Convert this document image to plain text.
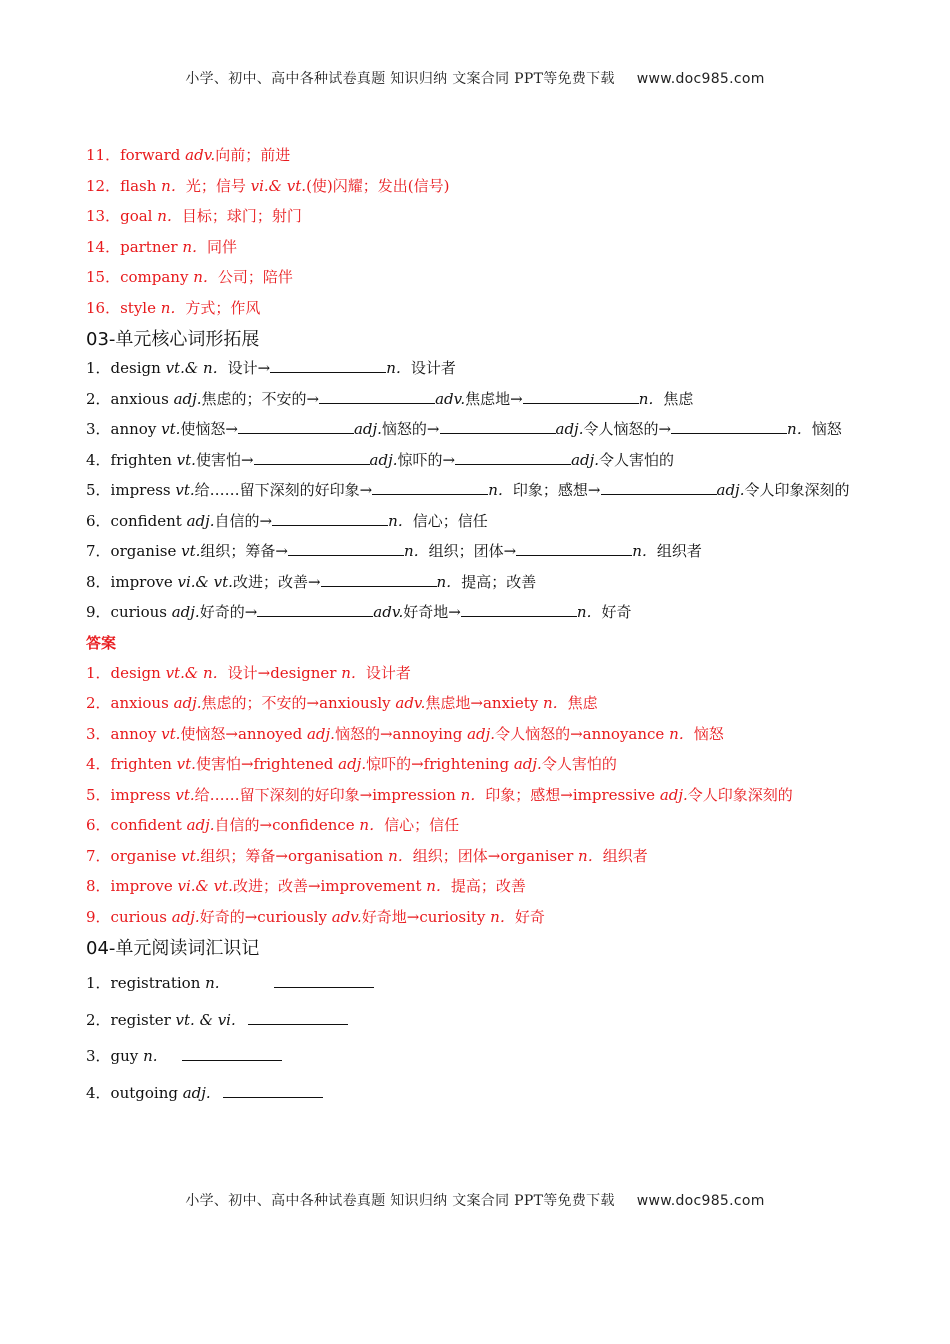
小学、初中、高中各种试卷真题 知识归纳 文案合同 PPT等免费下载 www.doc985.com
11．forward adv.向前；前进
12．flash n．光；信号 vi.& vt.(使)闪耀；发出(信号)
13．goal n．目标；球门；射门
14．partner n．同伴
15．company n．公司；陪伴
16．style n．方式；作风
03-单元核心词形拓展
1．design vt.& n．设计→	n．设计者
2．anxious adj.焦虑的；不安的→	adv.焦虑地→	n．焦虑
3．annoy vt.使恼怒→	adj.恼怒的→	adj.令人恼怒的→	n．恼怒
4．frighten vt.使害怕→	adj.惊吓的→	adj.令人害怕的
5．impress vt.给……留下深刻的好印象→	n．印象；感想→	adj.令人印象深刻的
6．confident adj.自信的→	n．信心；信任
7．organise vt.组织；筹备→	n．组织；团体→	n．组织者
8．improve vi.& vt.改进；改善→	n．提高；改善
9．curious adj.好奇的→	adv.好奇地→	n．好奇
答案
1．design vt.& n．设计→designer n．设计者
2．anxious adj.焦虑的；不安的→anxiously adv.焦虑地→anxiety n．焦虑
3．annoy vt.使恼怒→annoyed adj.恼怒的→annoying adj.令人恼怒的→annoyance n．恼怒
4．frighten vt.使害怕→frightened adj.惊吓的→frightening adj.令人害怕的
5．impress vt.给……留下深刻的好印象→impression n．印象；感想→impressive adj.令人印象深刻的
6．confident adj.自信的→confidence n．信心；信任
7．organise vt.组织；筹备→organisation n．组织；团体→organiser n．组织者
8．improve vi.& vt.改进；改善→improvement n．提高；改善
9．curious adj.好奇的→curiously adv.好奇地→curiosity n．好奇
04-单元阅读词汇识记
1．registration n.
2．register vt. & vi.
3．guy n.
4．outgoing adj.
小学、初中、高中各种试卷真题 知识归纳 文案合同 PPT等免费下载 www.doc985.com
